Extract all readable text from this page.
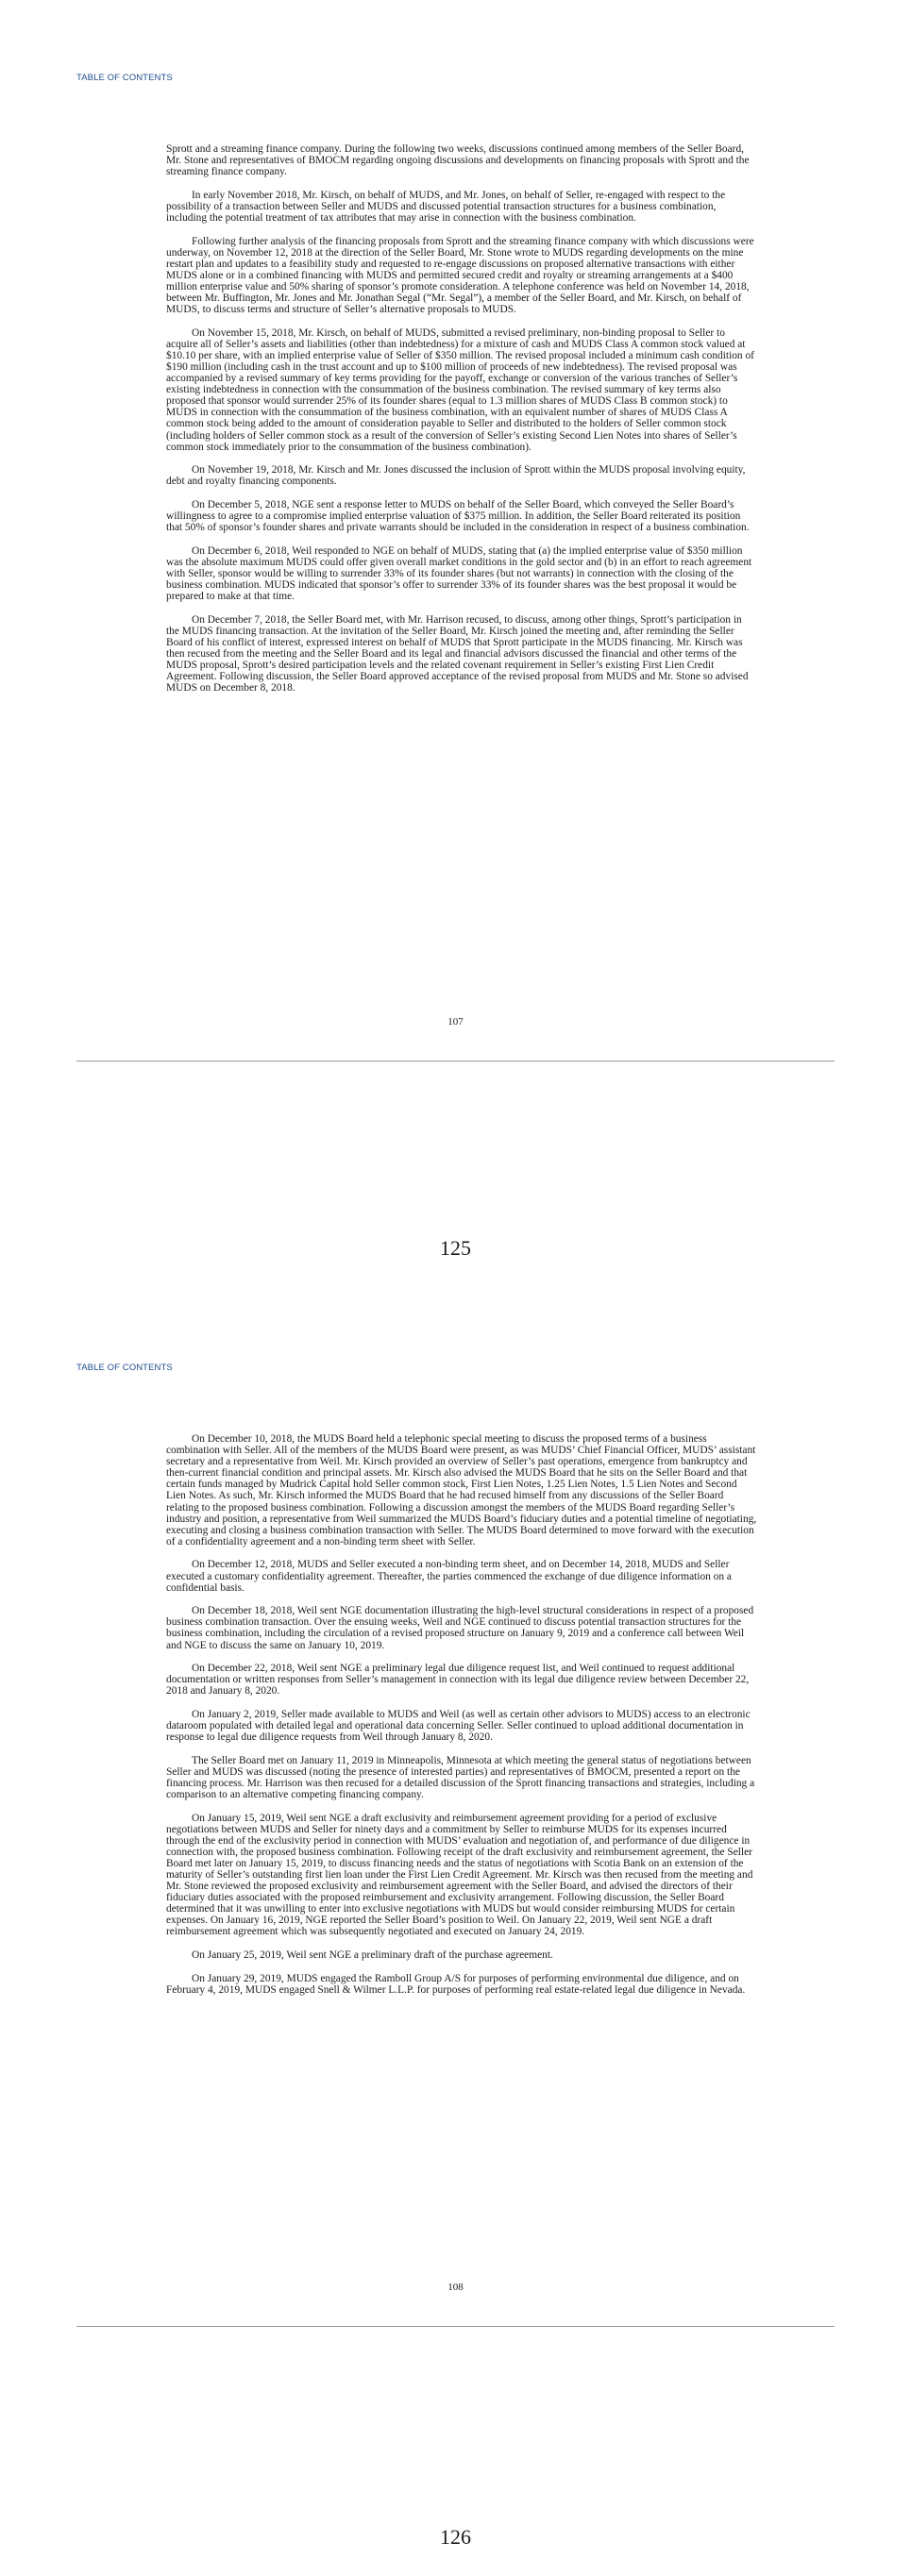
TABLE OF CONTENTS

Sprott and a streaming finance company. During the following two weeks, discussions continued among members of the Seller Board, Mr. Stone and representatives of BMOCM regarding ongoing discussions and developments on financing proposals with Sprott and the streaming finance company.

In early November 2018, Mr. Kirsch, on behalf of MUDS, and Mr. Jones, on behalf of Seller, re-engaged with respect to the possibility of a transaction between Seller and MUDS and discussed potential transaction structures for a business combination, including the potential treatment of tax attributes that may arise in connection with the business combination.

Following further analysis of the financing proposals from Sprott and the streaming finance company with which discussions were underway, on November 12, 2018 at the direction of the Seller Board, Mr. Stone wrote to MUDS regarding developments on the mine restart plan and updates to a feasibility study and requested to re-engage discussions on proposed alternative transactions with either MUDS alone or in a combined financing with MUDS and permitted secured credit and royalty or streaming arrangements at a $400 million enterprise value and 50% sharing of sponsor’s promote consideration. A telephone conference was held on November 14, 2018, between Mr. Buffington, Mr. Jones and Mr. Jonathan Segal (“Mr. Segal”), a member of the Seller Board, and Mr. Kirsch, on behalf of MUDS, to discuss terms and structure of Seller’s alternative proposals to MUDS.

On November 15, 2018, Mr. Kirsch, on behalf of MUDS, submitted a revised preliminary, non-binding proposal to Seller to acquire all of Seller’s assets and liabilities (other than indebtedness) for a mixture of cash and MUDS Class A common stock valued at $10.10 per share, with an implied enterprise value of Seller of $350 million. The revised proposal included a minimum cash condition of $190 million (including cash in the trust account and up to $100 million of proceeds of new indebtedness). The revised proposal was accompanied by a revised summary of key terms providing for the payoff, exchange or conversion of the various tranches of Seller’s existing indebtedness in connection with the consummation of the business combination. The revised summary of key terms also proposed that sponsor would surrender 25% of its founder shares (equal to 1.3 million shares of MUDS Class B common stock) to MUDS in connection with the consummation of the business combination, with an equivalent number of shares of MUDS Class A common stock being added to the amount of consideration payable to Seller and distributed to the holders of Seller common stock (including holders of Seller common stock as a result of the conversion of Seller’s existing Second Lien Notes into shares of Seller’s common stock immediately prior to the consummation of the business combination).

On November 19, 2018, Mr. Kirsch and Mr. Jones discussed the inclusion of Sprott within the MUDS proposal involving equity, debt and royalty financing components.

On December 5, 2018, NGE sent a response letter to MUDS on behalf of the Seller Board, which conveyed the Seller Board’s willingness to agree to a compromise implied enterprise valuation of $375 million. In addition, the Seller Board reiterated its position that 50% of sponsor’s founder shares and private warrants should be included in the consideration in respect of a business combination.

On December 6, 2018, Weil responded to NGE on behalf of MUDS, stating that (a) the implied enterprise value of $350 million was the absolute maximum MUDS could offer given overall market conditions in the gold sector and (b) in an effort to reach agreement with Seller, sponsor would be willing to surrender 33% of its founder shares (but not warrants) in connection with the closing of the business combination. MUDS indicated that sponsor’s offer to surrender 33% of its founder shares was the best proposal it would be prepared to make at that time.

On December 7, 2018, the Seller Board met, with Mr. Harrison recused, to discuss, among other things, Sprott’s participation in the MUDS financing transaction. At the invitation of the Seller Board, Mr. Kirsch joined the meeting and, after reminding the Seller Board of his conflict of interest, expressed interest on behalf of MUDS that Sprott participate in the MUDS financing. Mr. Kirsch was then recused from the meeting and the Seller Board and its legal and financial advisors discussed the financial and other terms of the MUDS proposal, Sprott’s desired participation levels and the related covenant requirement in Seller’s existing First Lien Credit Agreement. Following discussion, the Seller Board approved acceptance of the revised proposal from MUDS and Mr. Stone so advised MUDS on December 8, 2018.

107
125
TABLE OF CONTENTS

On December 10, 2018, the MUDS Board held a telephonic special meeting to discuss the proposed terms of a business combination with Seller. All of the members of the MUDS Board were present, as was MUDS’ Chief Financial Officer, MUDS’ assistant secretary and a representative from Weil. Mr. Kirsch provided an overview of Seller’s past operations, emergence from bankruptcy and then-current financial condition and principal assets. Mr. Kirsch also advised the MUDS Board that he sits on the Seller Board and that certain funds managed by Mudrick Capital hold Seller common stock, First Lien Notes, 1.25 Lien Notes, 1.5 Lien Notes and Second Lien Notes. As such, Mr. Kirsch informed the MUDS Board that he had recused himself from any discussions of the Seller Board relating to the proposed business combination. Following a discussion amongst the members of the MUDS Board regarding Seller’s industry and position, a representative from Weil summarized the MUDS Board’s fiduciary duties and a potential timeline of negotiating, executing and closing a business combination transaction with Seller. The MUDS Board determined to move forward with the execution of a confidentiality agreement and a non-binding term sheet with Seller.

On December 12, 2018, MUDS and Seller executed a non-binding term sheet, and on December 14, 2018, MUDS and Seller executed a customary confidentiality agreement. Thereafter, the parties commenced the exchange of due diligence information on a confidential basis.

On December 18, 2018, Weil sent NGE documentation illustrating the high-level structural considerations in respect of a proposed business combination transaction. Over the ensuing weeks, Weil and NGE continued to discuss potential transaction structures for the business combination, including the circulation of a revised proposed structure on January 9, 2019 and a conference call between Weil and NGE to discuss the same on January 10, 2019.

On December 22, 2018, Weil sent NGE a preliminary legal due diligence request list, and Weil continued to request additional documentation or written responses from Seller’s management in connection with its legal due diligence review between December 22, 2018 and January 8, 2020.

On January 2, 2019, Seller made available to MUDS and Weil (as well as certain other advisors to MUDS) access to an electronic dataroom populated with detailed legal and operational data concerning Seller. Seller continued to upload additional documentation in response to legal due diligence requests from Weil through January 8, 2020.

The Seller Board met on January 11, 2019 in Minneapolis, Minnesota at which meeting the general status of negotiations between Seller and MUDS was discussed (noting the presence of interested parties) and representatives of BMOCM, presented a report on the financing process. Mr. Harrison was then recused for a detailed discussion of the Sprott financing transactions and strategies, including a comparison to an alternative competing financing company.

On January 15, 2019, Weil sent NGE a draft exclusivity and reimbursement agreement providing for a period of exclusive negotiations between MUDS and Seller for ninety days and a commitment by Seller to reimburse MUDS for its expenses incurred through the end of the exclusivity period in connection with MUDS’ evaluation and negotiation of, and performance of due diligence in connection with, the proposed business combination. Following receipt of the draft exclusivity and reimbursement agreement, the Seller Board met later on January 15, 2019, to discuss financing needs and the status of negotiations with Scotia Bank on an extension of the maturity of Seller’s outstanding first lien loan under the First Lien Credit Agreement. Mr. Kirsch was then recused from the meeting and Mr. Stone reviewed the proposed exclusivity and reimbursement agreement with the Seller Board, and advised the directors of their fiduciary duties associated with the proposed reimbursement and exclusivity arrangement. Following discussion, the Seller Board determined that it was unwilling to enter into exclusive negotiations with MUDS but would consider reimbursing MUDS for certain expenses. On January 16, 2019, NGE reported the Seller Board’s position to Weil. On January 22, 2019, Weil sent NGE a draft reimbursement agreement which was subsequently negotiated and executed on January 24, 2019.

On January 25, 2019, Weil sent NGE a preliminary draft of the purchase agreement.

On January 29, 2019, MUDS engaged the Ramboll Group A/S for purposes of performing environmental due diligence, and on February 4, 2019, MUDS engaged Snell & Wilmer L.L.P. for purposes of performing real estate-related legal due diligence in Nevada.

108
126
